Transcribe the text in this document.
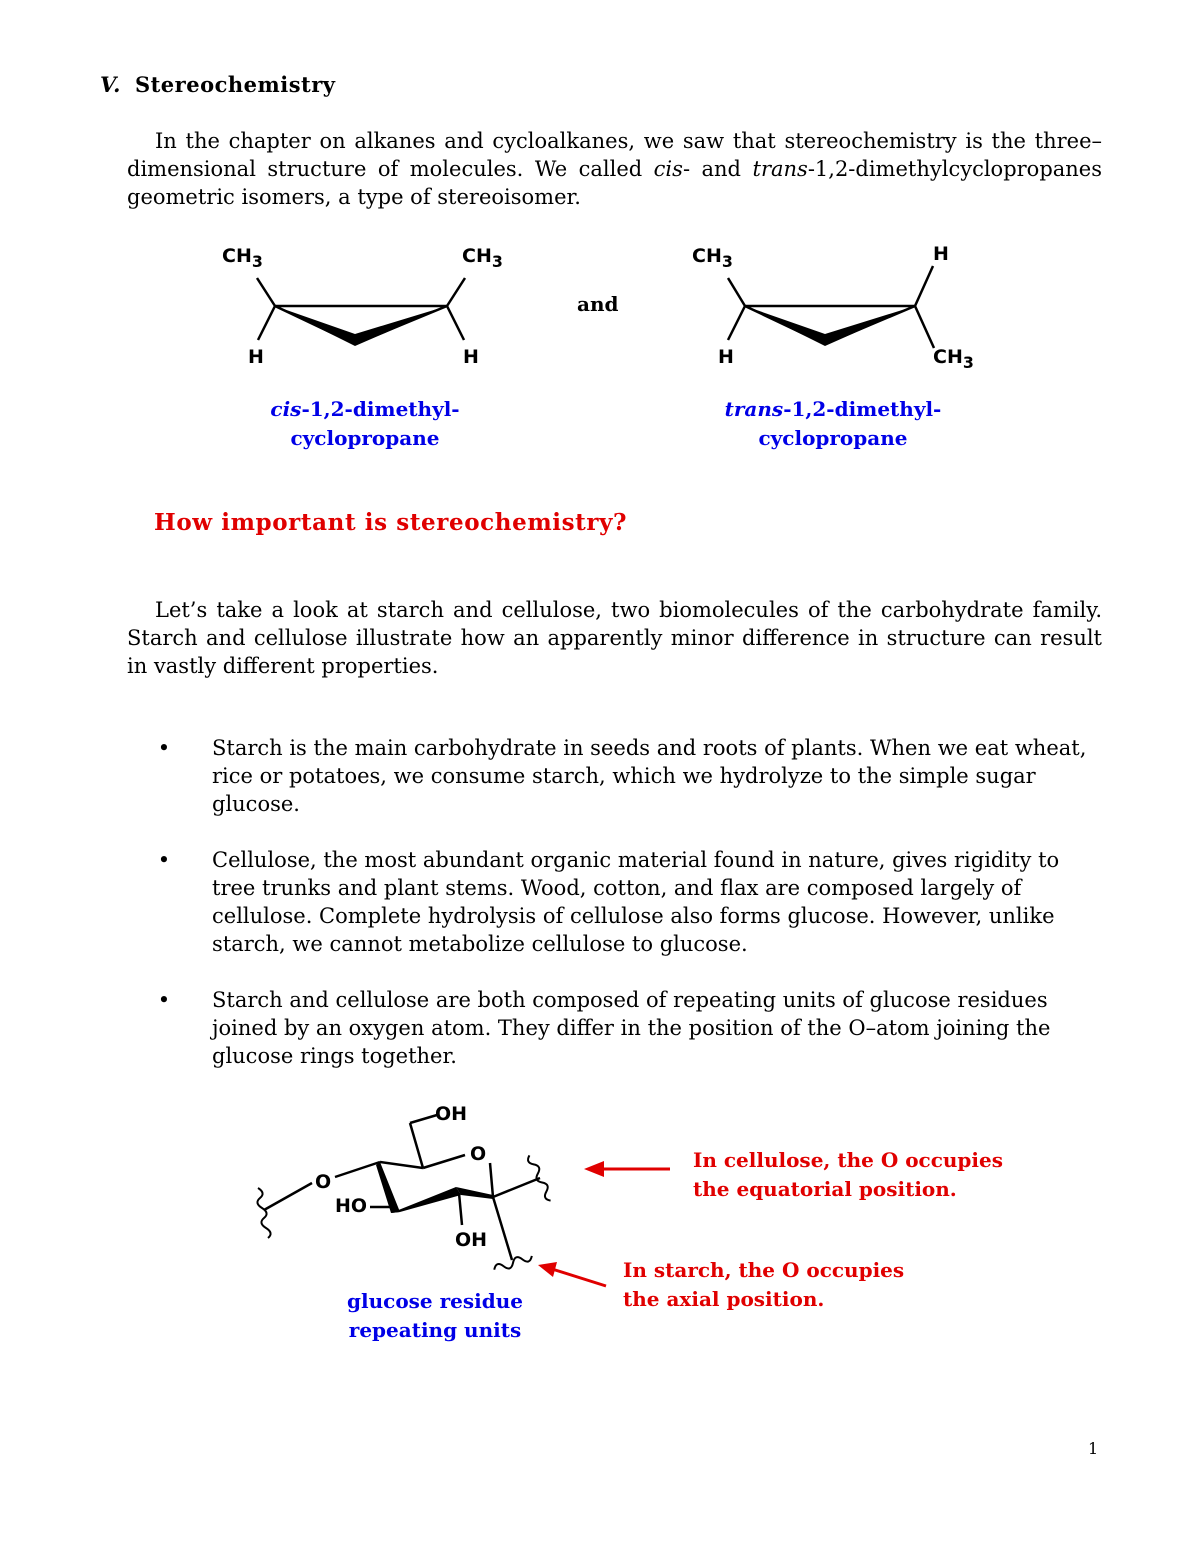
V. Stereochemistry
In the chapter on alkanes and cycloalkanes, we saw that stereochemistry is the three–dimensional structure of molecules. We called cis- and trans-1,2-dimethylcyclopropanes geometric isomers, a type of stereoisomer.
$CH_3$	$CH_3$
H	H
and
$CH_3$	H
H	$CH_3$
cis-1,2-dimethyl-
cyclopropane
trans-1,2-dimethyl-
cyclopropane
How important is stereochemistry?
Let’s take a look at starch and cellulose, two biomolecules of the carbohydrate family. Starch and cellulose illustrate how an apparently minor difference in structure can result in vastly different properties.
• Starch is the main carbohydrate in seeds and roots of plants. When we eat wheat, rice or potatoes, we consume starch, which we hydrolyze to the simple sugar glucose.
• Cellulose, the most abundant organic material found in nature, gives rigidity to tree trunks and plant stems. Wood, cotton, and flax are composed largely of cellulose. Complete hydrolysis of cellulose also forms glucose. However, unlike starch, we cannot metabolize cellulose to glucose.
• Starch and cellulose are both composed of repeating units of glucose residues joined by an oxygen atom. They differ in the position of the O–atom joining the glucose rings together.
OH
O
O
HO
OH
glucose residue
repeating units
In cellulose, the O occupies
the equatorial position.
In starch, the O occupies
the axial position.
1
